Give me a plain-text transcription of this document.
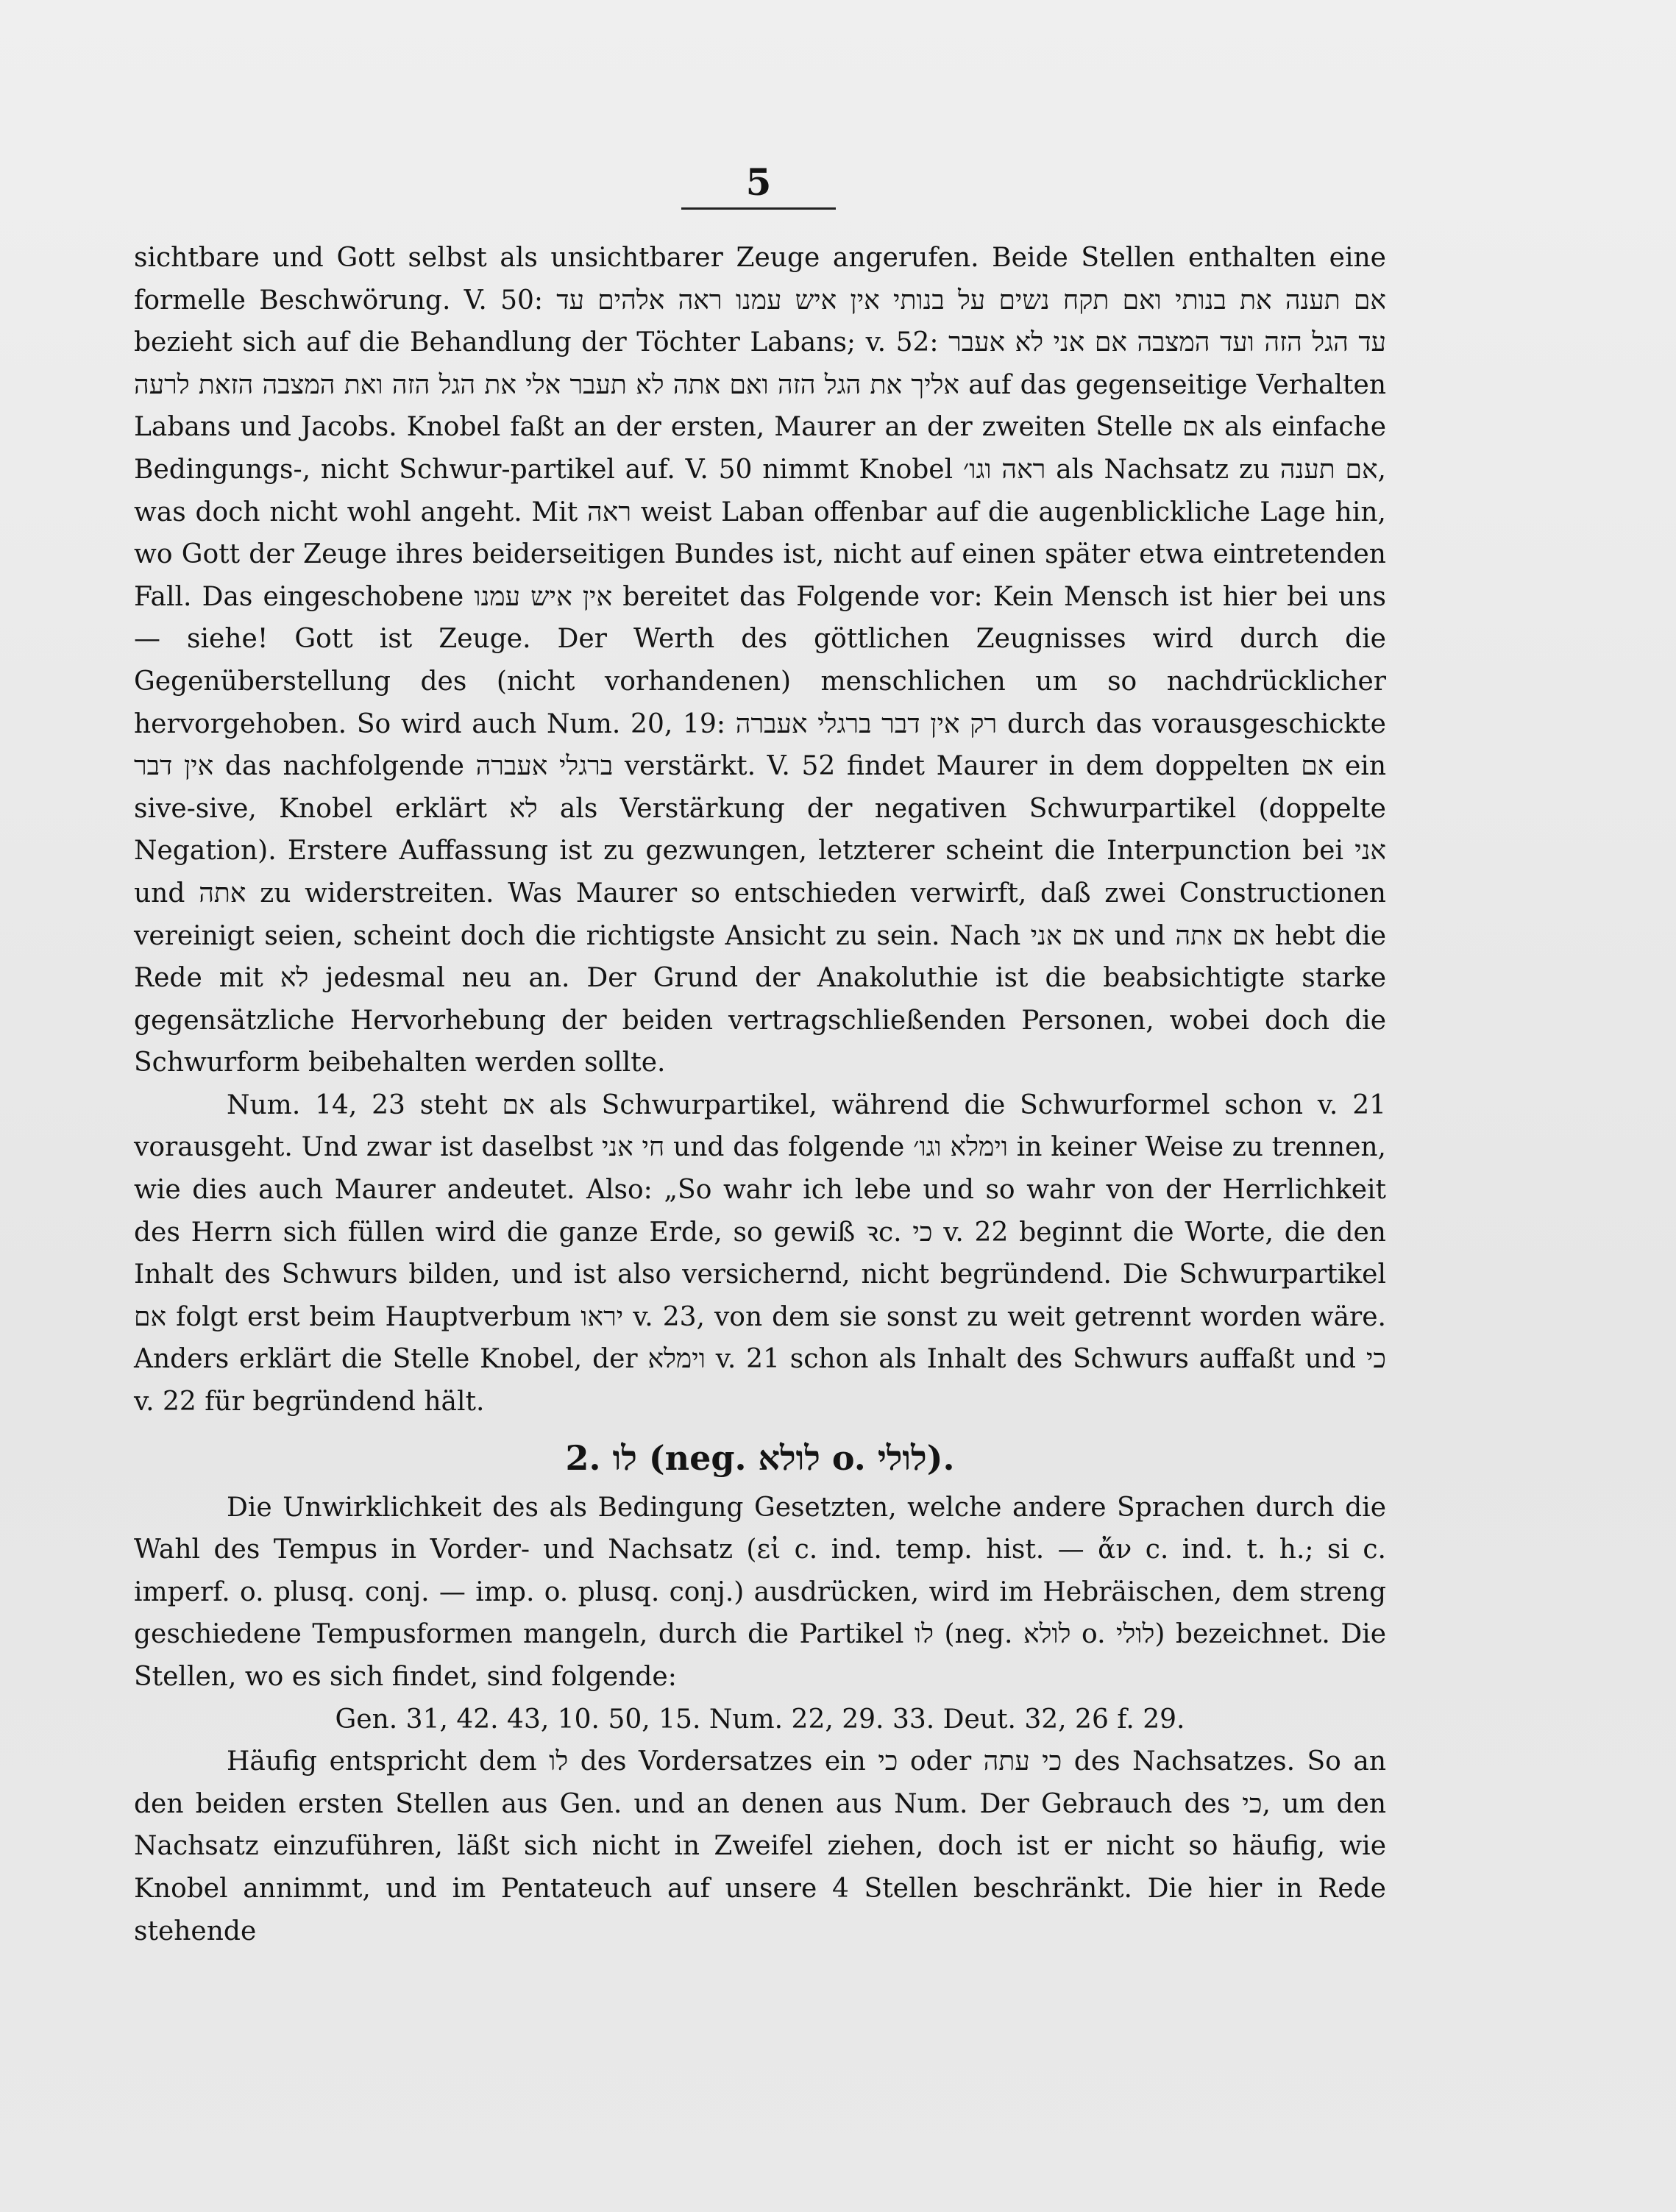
5

sichtbare und Gott selbst als unsichtbarer Zeuge angerufen. Beide Stellen enthalten eine formelle Beschwörung. V. 50: אם תענה את בנותי ואם תקח נשים על בנותי אין איש עמנו ראה אלהים עד bezieht sich auf die Behandlung der Töchter Labans; v. 52: עד הגל הזה ועד המצבה אם אני לא אעבר אליך את הגל הזה ואם אתה לא תעבר אלי את הגל הזה ואת המצבה הזאת לרעה auf das gegenseitige Verhalten Labans und Jacobs. Knobel faßt an der ersten, Maurer an der zweiten Stelle אם als einfache Bedingungs-, nicht Schwur-partikel auf. V. 50 nimmt Knobel ראה וגו׳ als Nachsatz zu אם תענה, was doch nicht wohl angeht. Mit ראה weist Laban offenbar auf die augenblickliche Lage hin, wo Gott der Zeuge ihres beiderseitigen Bundes ist, nicht auf einen später etwa eintretenden Fall. Das eingeschobene אין איש עמנו bereitet das Folgende vor: Kein Mensch ist hier bei uns — siehe! Gott ist Zeuge. Der Werth des göttlichen Zeugnisses wird durch die Gegenüberstellung des (nicht vorhandenen) menschlichen um so nachdrücklicher hervorgehoben. So wird auch Num. 20, 19: רק אין דבר ברגלי אעברה durch das vorausgeschickte אין דבר das nachfolgende ברגלי אעברה verstärkt. V. 52 findet Maurer in dem doppelten אם ein sive-sive, Knobel erklärt לא als Verstärkung der negativen Schwurpartikel (doppelte Negation). Erstere Auffassung ist zu gezwungen, letzterer scheint die Interpunction bei אני und אתה zu widerstreiten. Was Maurer so entschieden verwirft, daß zwei Constructionen vereinigt seien, scheint doch die richtigste Ansicht zu sein. Nach אם אני und אם אתה hebt die Rede mit לא jedesmal neu an. Der Grund der Anakoluthie ist die beabsichtigte starke gegensätzliche Hervorhebung der beiden vertragschließenden Personen, wobei doch die Schwurform beibehalten werden sollte.

Num. 14, 23 steht אם als Schwurpartikel, während die Schwurformel schon v. 21 vorausgeht. Und zwar ist daselbst חי אני und das folgende וימלא וגו׳ in keiner Weise zu trennen, wie dies auch Maurer andeutet. Also: „So wahr ich lebe und so wahr von der Herrlichkeit des Herrn sich füllen wird die ganze Erde, so gewiß ꝛc. כי v. 22 beginnt die Worte, die den Inhalt des Schwurs bilden, und ist also versichernd, nicht begründend. Die Schwurpartikel אם folgt erst beim Hauptverbum יראו v. 23, von dem sie sonst zu weit getrennt worden wäre. Anders erklärt die Stelle Knobel, der וימלא v. 21 schon als Inhalt des Schwurs auffaßt und כי v. 22 für begründend hält.

2. לו (neg. לולא o. לולי).

Die Unwirklichkeit des als Bedingung Gesetzten, welche andere Sprachen durch die Wahl des Tempus in Vorder- und Nachsatz (εἰ c. ind. temp. hist. — ἄν c. ind. t. h.; si c. imperf. o. plusq. conj. — imp. o. plusq. conj.) ausdrücken, wird im Hebräischen, dem streng geschiedene Tempusformen mangeln, durch die Partikel לו (neg. לולא o. לולי) bezeichnet. Die Stellen, wo es sich findet, sind folgende:

Gen. 31, 42. 43, 10. 50, 15. Num. 22, 29. 33. Deut. 32, 26 f. 29.

Häufig entspricht dem לו des Vordersatzes ein כי oder כי עתה des Nachsatzes. So an den beiden ersten Stellen aus Gen. und an denen aus Num. Der Gebrauch des כי, um den Nachsatz einzuführen, läßt sich nicht in Zweifel ziehen, doch ist er nicht so häufig, wie Knobel annimmt, und im Pentateuch auf unsere 4 Stellen beschränkt. Die hier in Rede stehende
